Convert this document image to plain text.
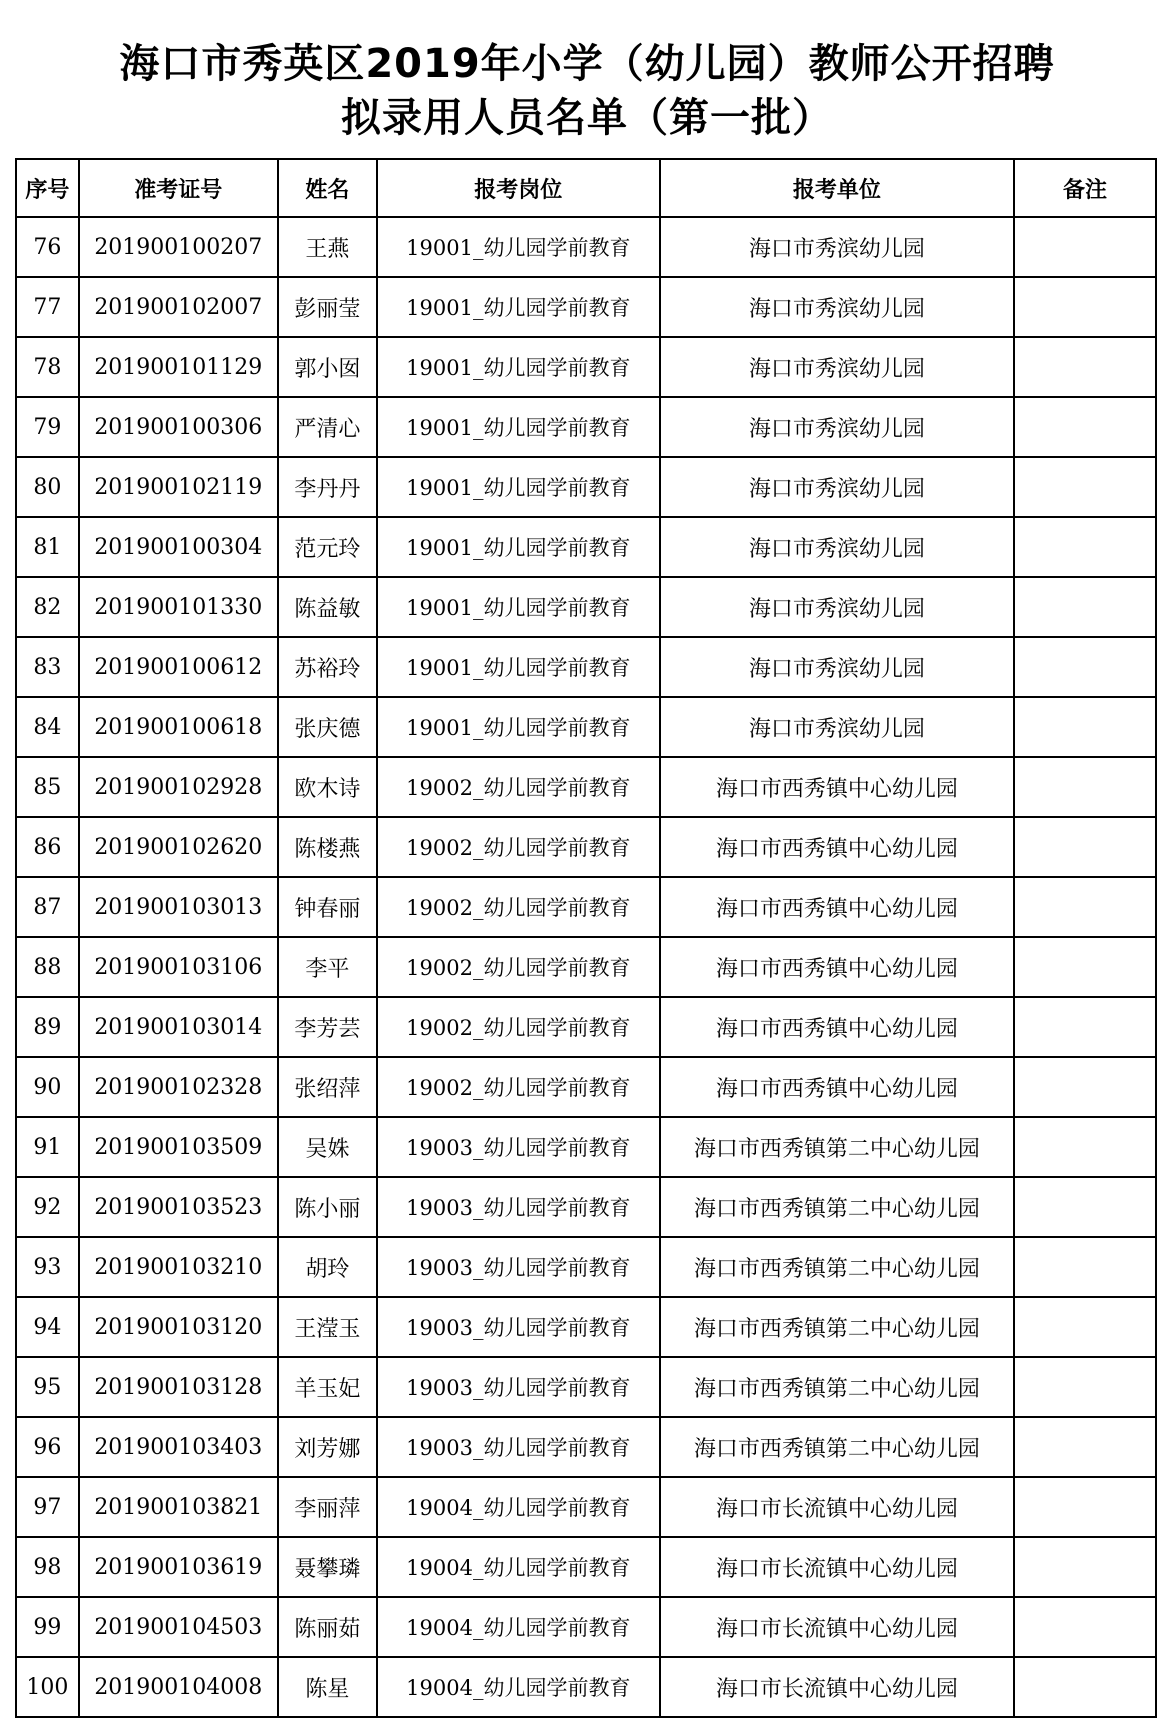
海口市秀英区2019年小学（幼儿园）教师公开招聘
拟录用人员名单（第一批）
序号	准考证号	姓名	报考岗位	报考单位	备注
76	201900100207	王燕	19001_幼儿园学前教育	海口市秀滨幼儿园	
77	201900102007	彭丽莹	19001_幼儿园学前教育	海口市秀滨幼儿园	
78	201900101129	郭小囡	19001_幼儿园学前教育	海口市秀滨幼儿园	
79	201900100306	严清心	19001_幼儿园学前教育	海口市秀滨幼儿园	
80	201900102119	李丹丹	19001_幼儿园学前教育	海口市秀滨幼儿园	
81	201900100304	范元玲	19001_幼儿园学前教育	海口市秀滨幼儿园	
82	201900101330	陈益敏	19001_幼儿园学前教育	海口市秀滨幼儿园	
83	201900100612	苏裕玲	19001_幼儿园学前教育	海口市秀滨幼儿园	
84	201900100618	张庆德	19001_幼儿园学前教育	海口市秀滨幼儿园	
85	201900102928	欧木诗	19002_幼儿园学前教育	海口市西秀镇中心幼儿园	
86	201900102620	陈楼燕	19002_幼儿园学前教育	海口市西秀镇中心幼儿园	
87	201900103013	钟春丽	19002_幼儿园学前教育	海口市西秀镇中心幼儿园	
88	201900103106	李平	19002_幼儿园学前教育	海口市西秀镇中心幼儿园	
89	201900103014	李芳芸	19002_幼儿园学前教育	海口市西秀镇中心幼儿园	
90	201900102328	张绍萍	19002_幼儿园学前教育	海口市西秀镇中心幼儿园	
91	201900103509	吴姝	19003_幼儿园学前教育	海口市西秀镇第二中心幼儿园	
92	201900103523	陈小丽	19003_幼儿园学前教育	海口市西秀镇第二中心幼儿园	
93	201900103210	胡玲	19003_幼儿园学前教育	海口市西秀镇第二中心幼儿园	
94	201900103120	王滢玉	19003_幼儿园学前教育	海口市西秀镇第二中心幼儿园	
95	201900103128	羊玉妃	19003_幼儿园学前教育	海口市西秀镇第二中心幼儿园	
96	201900103403	刘芳娜	19003_幼儿园学前教育	海口市西秀镇第二中心幼儿园	
97	201900103821	李丽萍	19004_幼儿园学前教育	海口市长流镇中心幼儿园	
98	201900103619	聂攀璘	19004_幼儿园学前教育	海口市长流镇中心幼儿园	
99	201900104503	陈丽茹	19004_幼儿园学前教育	海口市长流镇中心幼儿园	
100	201900104008	陈星	19004_幼儿园学前教育	海口市长流镇中心幼儿园	
